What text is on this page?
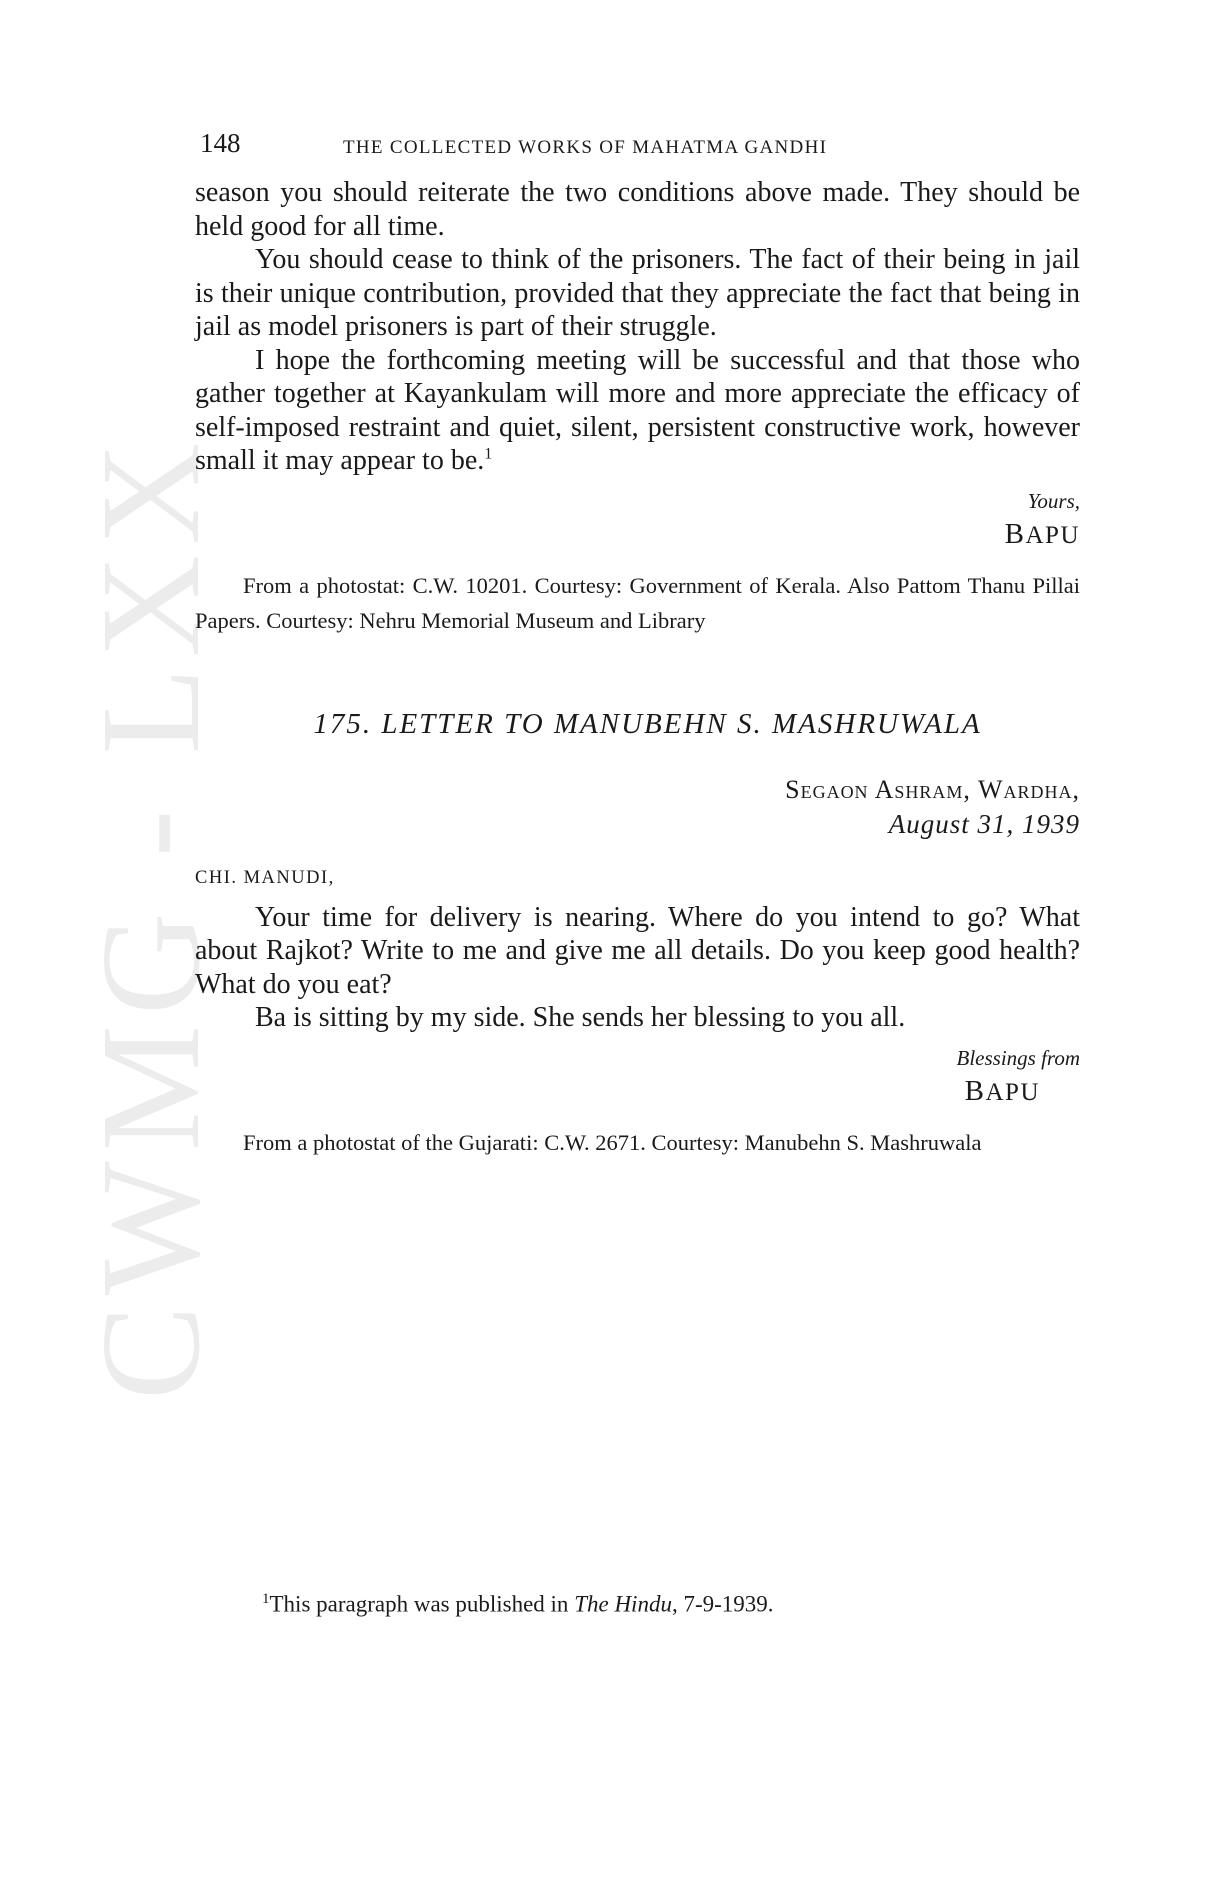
CWMG - LXX
148	THE COLLECTED WORKS OF MAHATMA GANDHI

season you should reiterate the two conditions above made. They should be held good for all time.

You should cease to think of the prisoners. The fact of their being in jail is their unique contribution, provided that they appreciate the fact that being in jail as model prisoners is part of their struggle.

I hope the forthcoming meeting will be successful and that those who gather together at Kayankulam will more and more appreciate the efficacy of self-imposed restraint and quiet, silent, persistent constructive work, however small it may appear to be.$^1$

Yours,
BAPU

From a photostat: C.W. 10201. Courtesy: Government of Kerala. Also Pattom Thanu Pillai Papers. Courtesy: Nehru Memorial Museum and Library

175. LETTER TO MANUBEHN S. MASHRUWALA
Segaon Ashram, Wardha,
August 31, 1939
CHI. MANUDI,

Your time for delivery is nearing. Where do you intend to go? What about Rajkot? Write to me and give me all details. Do you keep good health? What do you eat?

Ba is sitting by my side. She sends her blessing to you all.

Blessings from
BAPU

From a photostat of the Gujarati: C.W. 2671. Courtesy: Manubehn S. Mashruwala

$^1$This paragraph was published in The Hindu, 7-9-1939.
